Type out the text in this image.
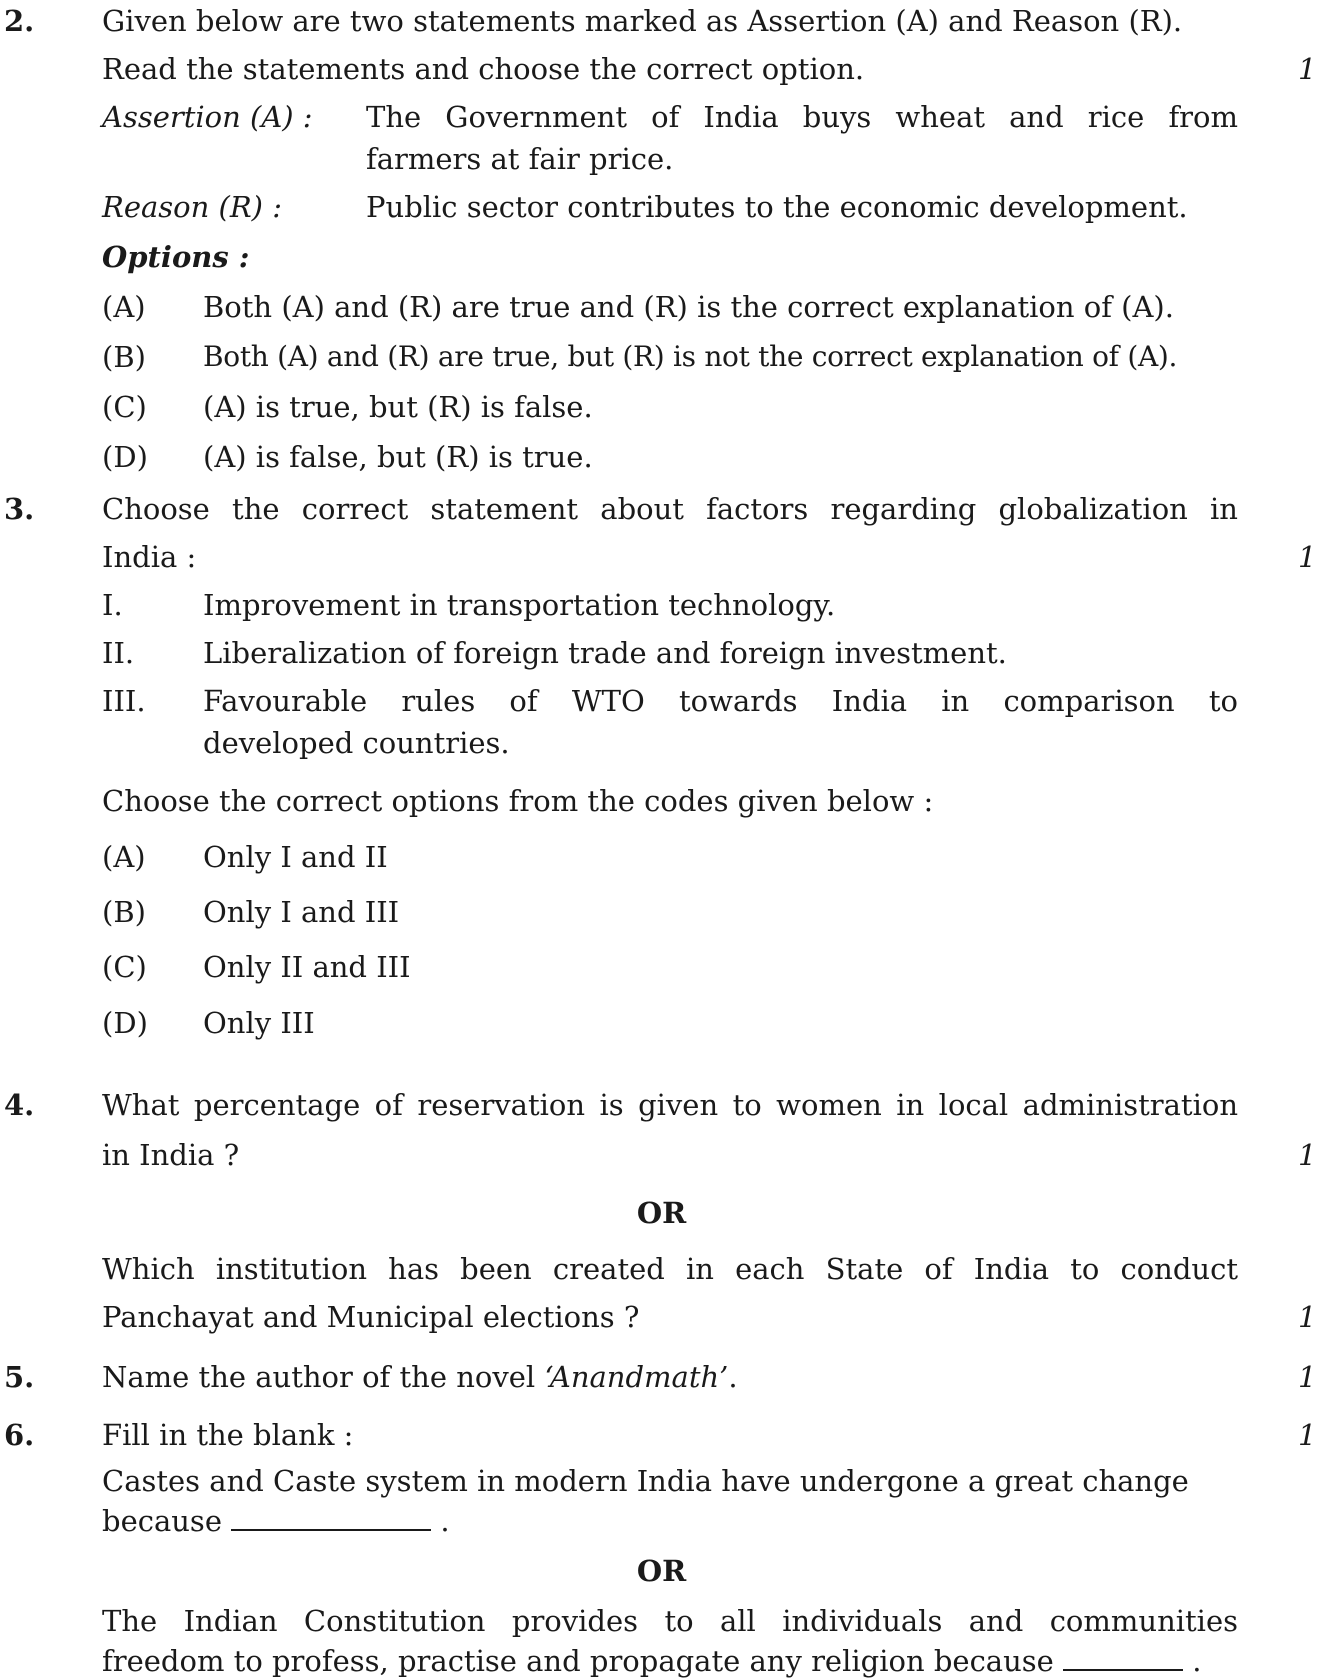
2. Given below are two statements marked as Assertion (A) and Reason (R).
Read the statements and choose the correct option.	1
Assertion (A) : The Government of India buys wheat and rice from
farmers at fair price.
Reason (R) :	Public sector contributes to the economic development.
Options :
(A) Both (A) and (R) are true and (R) is the correct explanation of (A).
(B) Both (A) and (R) are true, but (R) is not the correct explanation of (A).
(C) (A) is true, but (R) is false.
(D) (A) is false, but (R) is true.
3. Choose the correct statement about factors regarding globalization in
India :	1
I.	Improvement in transportation technology.
II. Liberalization of foreign trade and foreign investment.
III. Favourable rules of WTO towards India in comparison to
developed countries.
Choose the correct options from the codes given below :
(A) Only I and II
(B) Only I and III
(C) Only II and III
(D) Only III
4. What percentage of reservation is given to women in local administration
in India ?	1
OR
Which institution has been created in each State of India to conduct
Panchayat and Municipal elections ?	1
5. Name the author of the novel ‘Anandmath’.	1
6. Fill in the blank :	1
Castes and Caste system in modern India have undergone a great change
because	.
OR
The Indian Constitution provides to all individuals and communities
freedom to profess, practise and propagate any religion because	.
